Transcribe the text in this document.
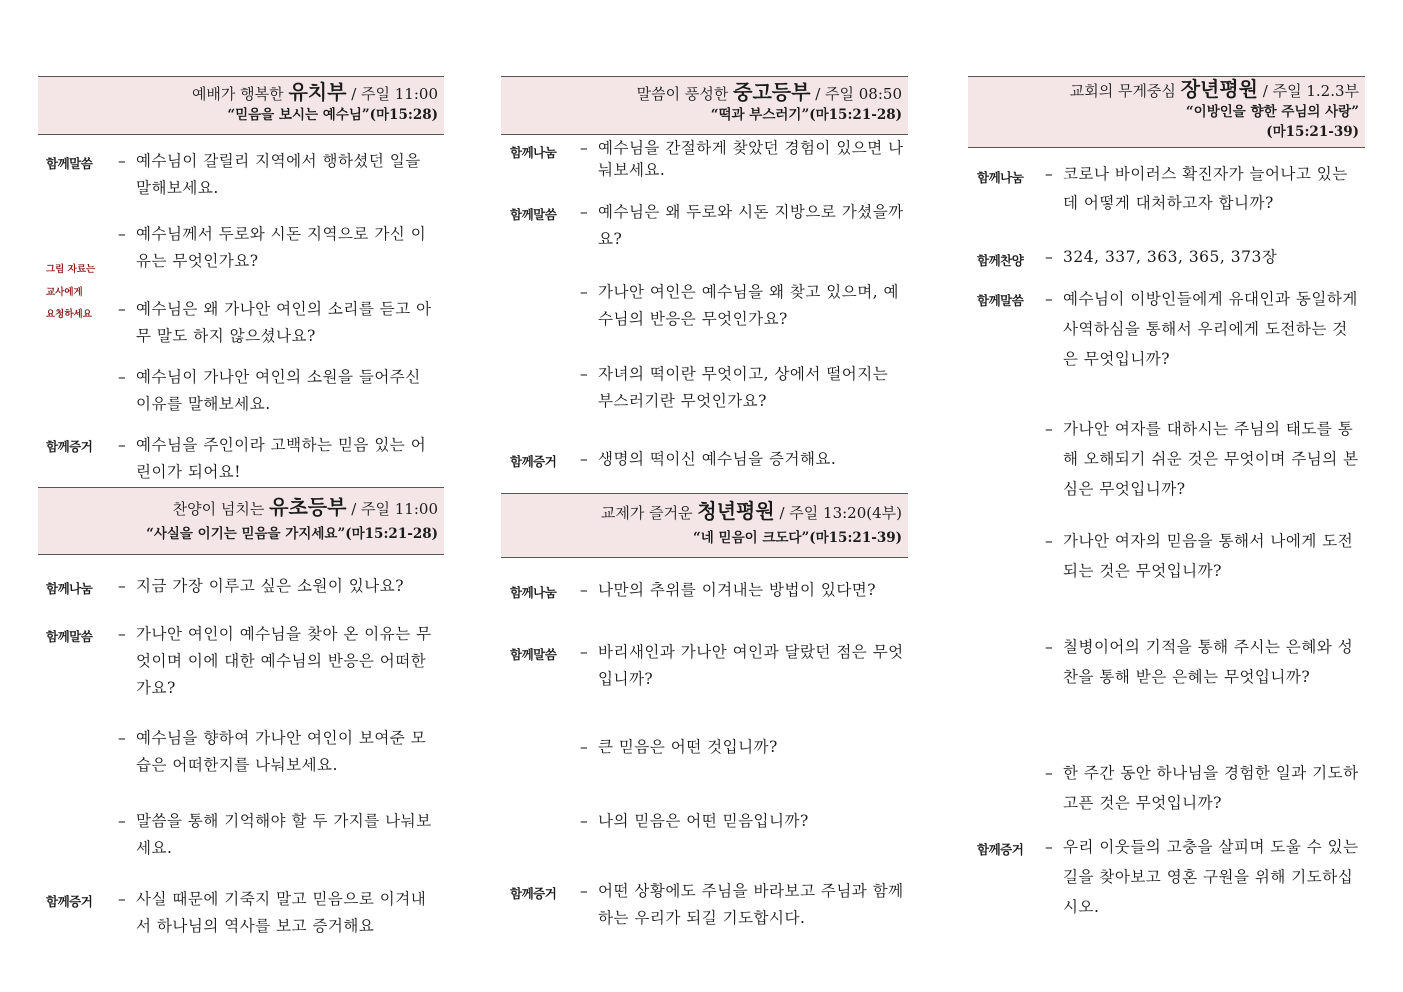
예배가 행복한 유치부 / 주일 11:00
“믿음을 보시는 예수님”(마15:28)
함께말씀 – 예수님이 갈릴리 지역에서 행하셨던 일을 말해보세요.
– 예수님께서 두로와 시돈 지역으로 가신 이유는 무엇인가요?
– 예수님은 왜 가나안 여인의 소리를 듣고 아무 말도 하지 않으셨나요?
– 예수님이 가나안 여인의 소원을 들어주신 이유를 말해보세요.
그림 자료는
교사에게
요청하세요
함께증거 – 예수님을 주인이라 고백하는 믿음 있는 어린이가 되어요!
찬양이 넘치는 유초등부 / 주일 11:00
“사실을 이기는 믿음을 가지세요”(마15:21-28)
함께나눔 – 지금 가장 이루고 싶은 소원이 있나요?
함께말씀 – 가나안 여인이 예수님을 찾아 온 이유는 무엇이며 이에 대한 예수님의 반응은 어떠한가요?
– 예수님을 향하여 가나안 여인이 보여준 모습은 어떠한지를 나눠보세요.
– 말씀을 통해 기억해야 할 두 가지를 나눠보세요.
함께증거 – 사실 때문에 기죽지 말고 믿음으로 이겨내서 하나님의 역사를 보고 증거해요
말씀이 풍성한 중고등부 / 주일 08:50
“떡과 부스러기”(마15:21-28)
함께나눔 – 예수님을 간절하게 찾았던 경험이 있으면 나눠보세요.
함께말씀 – 예수님은 왜 두로와 시돈 지방으로 가셨을까요?
– 가나안 여인은 예수님을 왜 찾고 있으며, 예수님의 반응은 무엇인가요?
– 자녀의 떡이란 무엇이고, 상에서 떨어지는 부스러기란 무엇인가요?
함께증거 – 생명의 떡이신 예수님을 증거해요.
교제가 즐거운 청년평원 / 주일 13:20(4부)
“네 믿음이 크도다”(마15:21-39)
함께나눔 – 나만의 추위를 이겨내는 방법이 있다면?
함께말씀 – 바리새인과 가나안 여인과 달랐던 점은 무엇입니까?
– 큰 믿음은 어떤 것입니까?
– 나의 믿음은 어떤 믿음입니까?
함께증거 – 어떤 상황에도 주님을 바라보고 주님과 함께 하는 우리가 되길 기도합시다.
교회의 무게중심 장년평원 / 주일 1.2.3부
“이방인을 향한 주님의 사랑”
(마15:21-39)
함께나눔 – 코로나 바이러스 확진자가 늘어나고 있는데 어떻게 대처하고자 합니까?
함께찬양 – 324, 337, 363, 365, 373장
함께말씀 – 예수님이 이방인들에게 유대인과 동일하게 사역하심을 통해서 우리에게 도전하는 것은 무엇입니까?
– 가나안 여자를 대하시는 주님의 태도를 통해 오해되기 쉬운 것은 무엇이며 주님의 본심은 무엇입니까?
– 가나안 여자의 믿음을 통해서 나에게 도전되는 것은 무엇입니까?
– 칠병이어의 기적을 통해 주시는 은혜와 성찬을 통해 받은 은혜는 무엇입니까?
– 한 주간 동안 하나님을 경험한 일과 기도하고픈 것은 무엇입니까?
함께증거 – 우리 이웃들의 고충을 살피며 도울 수 있는 길을 찾아보고 영혼 구원을 위해 기도하십시오.
